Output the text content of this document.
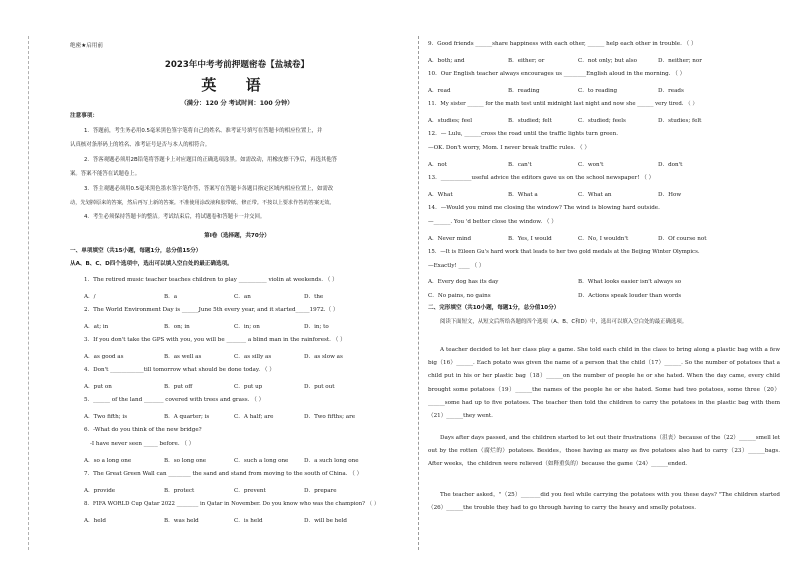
绝密★启用前
2023年中考考前押题密卷【盐城卷】
英 语
（满分：120 分 考试时间：100 分钟）
注意事项：
1．答题前，考生务必用0.5毫米黑色签字笔将自己的姓名、准考证号填写在答题卡的相应位置上，并
认真核对条形码上的姓名、准考证号是否与本人的相符合。
2．答客观题必须用2B铅笔将答题卡上对应题目的正确选项涂黑。如需改动，用橡皮擦干净后，再选其他答
案。答案不能答在试题卷上。
3．答主观题必须用0.5毫米黑色墨水签字笔作答，答案写在答题卡各题目指定区域内相应位置上，如需改
动，先划掉原来的答案，然后再写上新的答案。不准使用涂改液和胶带纸、修正带。不按以上要求作答的答案无效。
4．考生必须保持答题卡的整洁。考试结束后，将试题卷和答题卡一并交回。
第Ⅰ卷（选择题，共70分）
一、单项填空（共15小题，每题1分，总分值15分）
从A、B、C、D四个选项中，选出可以填入空白处的最正确选项。
1．The retired music teacher teaches children to play __________ violin at weekends. （ ）
A．/	B．a	C．an	D．the
2．The World Environment Day is ______June 5th every year, and it started_____1972.（ ）
A．at; in	B．on; in	C．in; on	D．in; to
3．If you don't take the GPS with you, you will be _______ a blind man in the rainforest. （ ）
A．as good as	B．as well as	C．as silly as	D．as slow as
4．Don't ____________till tomorrow what should be done today. （ ）
A．put on	B．put off	C．put up	D．put out
5．______ of the land _______ covered with trees and grass. （ ）
A．Two fifth; is	B．A quarter; is	C．A half; are	D．Two fifths; are
6．-What do you think of the new bridge?
-I have never seen _____ before. （ ）
A．so a long one	B．so long one	C．such a long one	D．a such long one
7．The Great Green Wall can ________ the sand and stand from moving to the south of China. （ ）
A．provide	B．protect	C．prevent	D．prepare
8．FIFA WORLD Cup Qatar 2022 ________ in Qatar in November. Do you know who was the champion? （ ）
A．held	B．was held	C．is held	D．will be held
9．Good friends ______share happiness with each other, ______ help each other in trouble. （ ）
A．both; and	B．either; or	C．not only; but also	D．neither; nor
10．Our English teacher always encourages us ________English aloud in the morning. （ ）
A．read	B．reading	C．to reading	D．reads
11．My sister ______ for the math test until midnight last night and now she ______ very tired. （ ）
A．studies; feel	B．studied; felt	C．studied; feels	D．studies; felt
12．— Lulu, ______cross the road until the traffic lights turn green.
—OK. Don't worry, Mom. I never break traffic rules. （ ）
A．not	B．can't	C．won't	D．don't
13．___________useful advice the editors gave us on the school newspaper! （ ）
A．What	B．What a	C．What an	D．How
14．—Would you mind me closing the window? The wind is blowing hard outside.
—______. You 'd better close the window. （ ）
A．Never mind	B．Yes, I would	C．No, I wouldn't	D．Of course not
15．—It is Eileen Gu's hard work that leads to her two gold medals at the Beijing Winter Olympics.
—Exactly! ____ （ ）
A．Every dog has its day	B．What looks easier isn't always so
C．No pains, no gains	D．Actions speak louder than words
二、完形填空（共10小题，每题1分，总分值10分）
阅读下面短文，从短文后所给各题的四个选项（A、B、C和D）中，选出可以填入空白处的最正确选项。
A teacher decided to let her class play a game. She told each child in the class to bring along a plastic bag with a few big（16）______. Each potato was given the name of a person that the child（17）______. So the number of potatoes that a child put in his or her plastic bag（18）______on the number of people he or she hated. When the day came, every child brought some potatoes（19）______the names of the people he or she hated. Some had two potatoes, some three（20）______some had up to five potatoes. The teacher then told the children to carry the potatoes in the plastic bag with them（21）______they went.
Days after days passed, and the children started to let out their frustrations（沮丧）because of the（22）______smell let out by the rotten（腐烂的）potatoes. Besides，those having as many as five potatoes also had to carry（23）______bags. After weeks，the children were relieved（如释重负的）because the game（24）______ended.
The teacher asked，"（25）_______did you feel while carrying the potatoes with you these days? "The children started（26）______the trouble they had to go through having to carry the heavy and smelly potatoes.
